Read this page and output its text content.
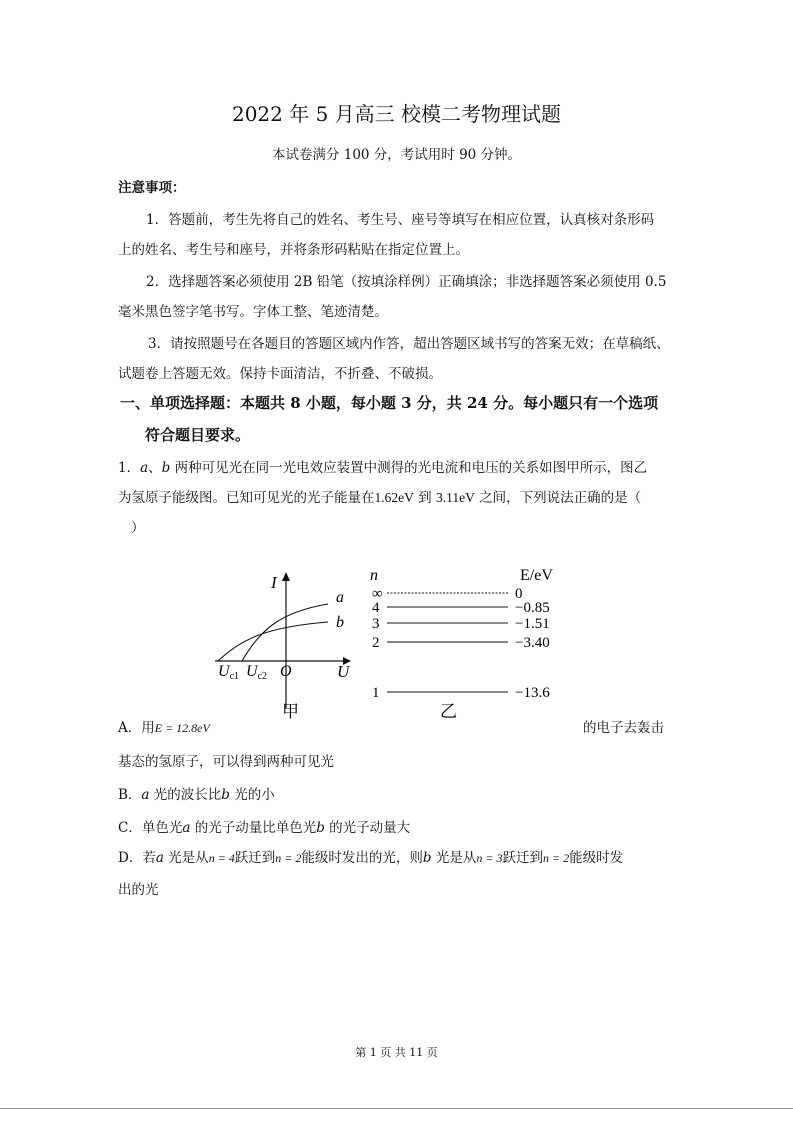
2022 年 5 月高三 校模二考物理试题
本试卷满分 100 分，考试用时 90 分钟。
注意事项：
1．答题前，考生先将自己的姓名、考生号、座号等填写在相应位置，认真核对条形码
上的姓名、考生号和座号，并将条形码粘贴在指定位置上。
2．选择题答案必须使用 2B 铅笔（按填涂样例）正确填涂；非选择题答案必须使用 0.5
毫米黑色签字笔书写。字体工整、笔迹清楚。
3．请按照题号在各题目的答题区域内作答，超出答题区域书写的答案无效；在草稿纸、
试题卷上答题无效。保持卡面清洁，不折叠、不破损。
一、单项选择题：本题共 8 小题，每小题 3 分，共 24 分。每小题只有一个选项
符合题目要求。
1．a、b 两种可见光在同一光电效应装置中测得的光电流和电压的关系如图甲所示，图乙
为氢原子能级图。已知可见光的光子能量在1.62eV 到 3.11eV 之间，下列说法正确的是（
）
I
U
O
a
b
Uc1 Uc2
甲
n	E/eV
∞	0
4	−0.85
3	−1.51
2	−3.40
1	−13.6
乙
A．用E = 12.8eV	的电子去轰击
基态的氢原子，可以得到两种可见光
B．a 光的波长比b 光的小
C．单色光a 的光子动量比单色光b 的光子动量大
D．若a 光是从n = 4跃迁到n = 2能级时发出的光，则b 光是从n = 3跃迁到n = 2能级时发
出的光
第 1 页 共 11 页
